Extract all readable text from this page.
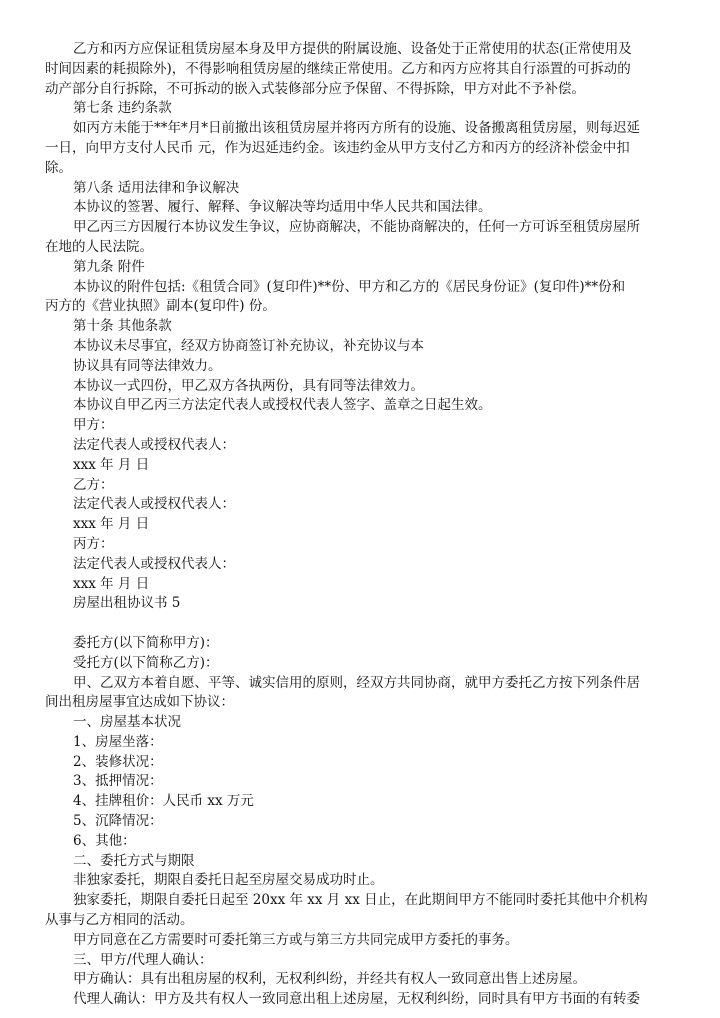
乙方和丙方应保证租赁房屋本身及甲方提供的附属设施、设备处于正常使用的状态(正常使用及

时间因素的耗损除外)，不得影响租赁房屋的继续正常使用。乙方和丙方应将其自行添置的可拆动的

动产部分自行拆除，不可拆动的嵌入式装修部分应予保留、不得拆除，甲方对此不予补偿。

第七条 违约条款

如丙方未能于**年*月*日前撤出该租赁房屋并将丙方所有的设施、设备搬离租赁房屋，则每迟延

一日，向甲方支付人民币 元，作为迟延违约金。该违约金从甲方支付乙方和丙方的经济补偿金中扣

除。

第八条 适用法律和争议解决

本协议的签署、履行、解释、争议解决等均适用中华人民共和国法律。

甲乙丙三方因履行本协议发生争议，应协商解决，不能协商解决的，任何一方可诉至租赁房屋所

在地的人民法院。

第九条 附件

本协议的附件包括:《租赁合同》(复印件)**份、甲方和乙方的《居民身份证》(复印件)**份和

丙方的《营业执照》副本(复印件) 份。

第十条 其他条款

本协议未尽事宜，经双方协商签订补充协议，补充协议与本

协议具有同等法律效力。

本协议一式四份，甲乙双方各执两份，具有同等法律效力。

本协议自甲乙丙三方法定代表人或授权代表人签字、盖章之日起生效。

甲方：

法定代表人或授权代表人：

xxx 年 月 日

乙方：

法定代表人或授权代表人：

xxx 年 月 日

丙方：

法定代表人或授权代表人：

xxx 年 月 日

房屋出租协议书 5

委托方(以下简称甲方)：

受托方(以下简称乙方)：

甲、乙双方本着自愿、平等、诚实信用的原则，经双方共同协商，就甲方委托乙方按下列条件居

间出租房屋事宜达成如下协议：

一、房屋基本状况

1、房屋坐落：

2、装修状况：

3、抵押情况：

4、挂牌租价：人民币 xx 万元

5、沉降情况：

6、其他：

二、委托方式与期限

非独家委托，期限自委托日起至房屋交易成功时止。

独家委托，期限自委托日起至 20xx 年 xx 月 xx 日止，在此期间甲方不能同时委托其他中介机构

从事与乙方相同的活动。

甲方同意在乙方需要时可委托第三方或与第三方共同完成甲方委托的事务。

三、甲方/代理人确认：

甲方确认：具有出租房屋的权利，无权利纠纷，并经共有权人一致同意出售上述房屋。

代理人确认：甲方及共有权人一致同意出租上述房屋，无权利纠纷，同时具有甲方书面的有转委
